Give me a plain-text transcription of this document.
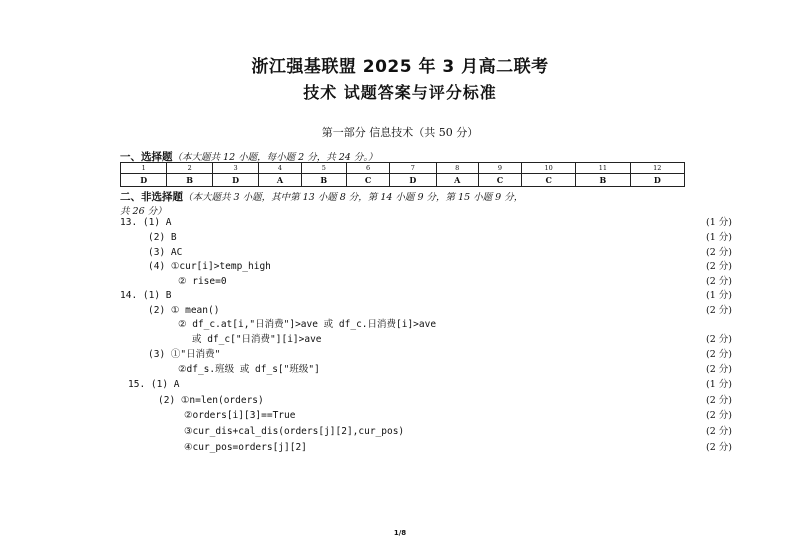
浙江强基联盟 2025 年 3 月高二联考
技术 试题答案与评分标准
第一部分 信息技术（共 50 分）
一、选择题（本大题共 12 小题，每小题 2 分，共 24 分。）
1	2	3	4	5	6	7	8	9	10	11	12
D	B	D	A	B	C	D	A	C	C	B	D
二、非选择题（本大题共 3 小题，其中第 13 小题 8 分，第 14 小题 9 分，第 15 小题 9 分，
共 26 分）
13. (1) A	(1 分)
(2) B	(1 分)
(3) AC	(2 分)
(4) ①cur[i]>temp_high	(2 分)
② rise=0	(2 分)
14. (1) B	(1 分)
(2) ① mean()	(2 分)
② df_c.at[i,"日消费"]>ave 或 df_c.日消费[i]>ave
或 df_c["日消费"][i]>ave	(2 分)
(3) ①"日消费"	(2 分)
②df_s.班级 或 df_s["班级"]	(2 分)
15. (1) A	(1 分)
(2) ①n=len(orders)	(2 分)
②orders[i][3]==True	(2 分)
③cur_dis+cal_dis(orders[j][2],cur_pos)	(2 分)
④cur_pos=orders[j][2]	(2 分)
1/8
